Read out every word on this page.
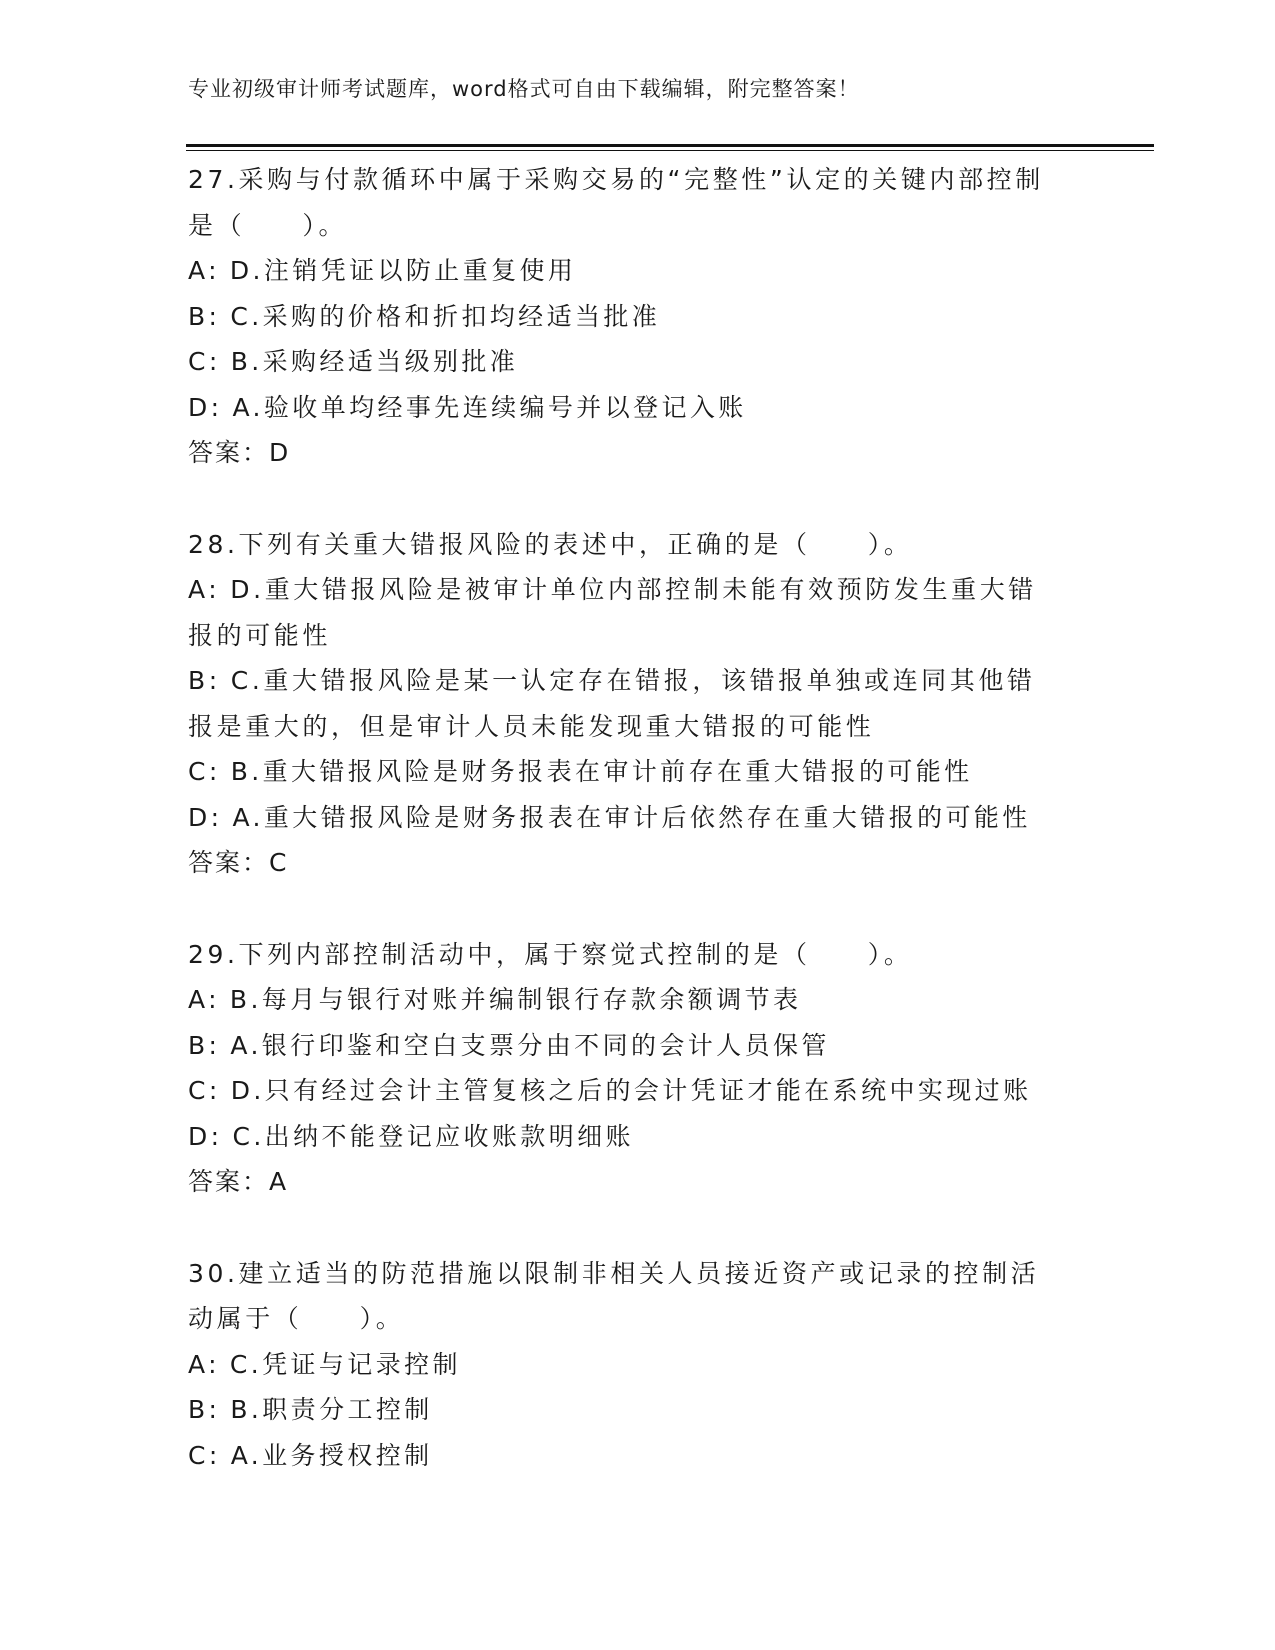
专业初级审计师考试题库，word格式可自由下载编辑，附完整答案！
27.采购与付款循环中属于采购交易的“完整性”认定的关键内部控制是（　　）。
A: D.注销凭证以防止重复使用
B: C.采购的价格和折扣均经适当批准
C: B.采购经适当级别批准
D: A.验收单均经事先连续编号并以登记入账
答案：D
28.下列有关重大错报风险的表述中，正确的是（　　）。
A: D.重大错报风险是被审计单位内部控制未能有效预防发生重大错报的可能性
B: C.重大错报风险是某一认定存在错报，该错报单独或连同其他错报是重大的，但是审计人员未能发现重大错报的可能性
C: B.重大错报风险是财务报表在审计前存在重大错报的可能性
D: A.重大错报风险是财务报表在审计后依然存在重大错报的可能性
答案：C
29.下列内部控制活动中，属于察觉式控制的是（　　）。
A: B.每月与银行对账并编制银行存款余额调节表
B: A.银行印鉴和空白支票分由不同的会计人员保管
C: D.只有经过会计主管复核之后的会计凭证才能在系统中实现过账
D: C.出纳不能登记应收账款明细账
答案：A
30.建立适当的防范措施以限制非相关人员接近资产或记录的控制活动属于（　　）。
A: C.凭证与记录控制
B: B.职责分工控制
C: A.业务授权控制
